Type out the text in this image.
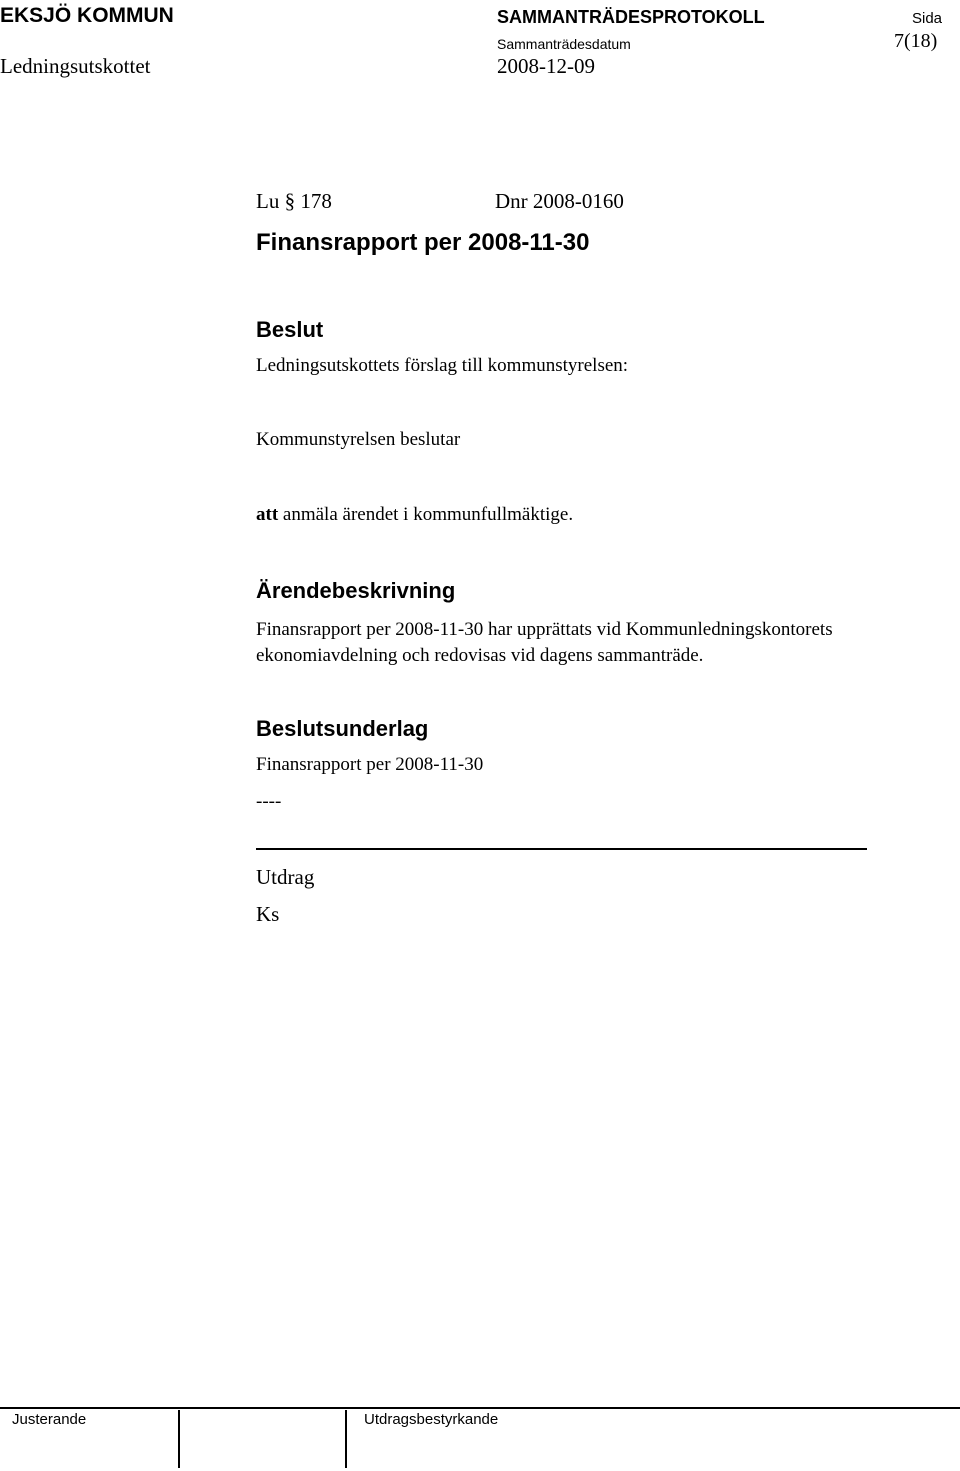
EKSJÖ KOMMUN	SAMMANTRÄDESPROTOKOLL	Sida
Ledningsutskottet
Sammanträdesdatum	7(18)
2008-12-09
Lu § 178	Dnr 2008-0160
Finansrapport per 2008-11-30
Beslut
Ledningsutskottets förslag till kommunstyrelsen:
Kommunstyrelsen beslutar
att anmäla ärendet i kommunfullmäktige.
Ärendebeskrivning
Finansrapport per 2008-11-30 har upprättats vid Kommunledningskontorets ekonomiavdelning och redovisas vid dagens sammanträde.
Beslutsunderlag
Finansrapport per 2008-11-30
----
Utdrag
Ks
Justerande	Utdragsbestyrkande
